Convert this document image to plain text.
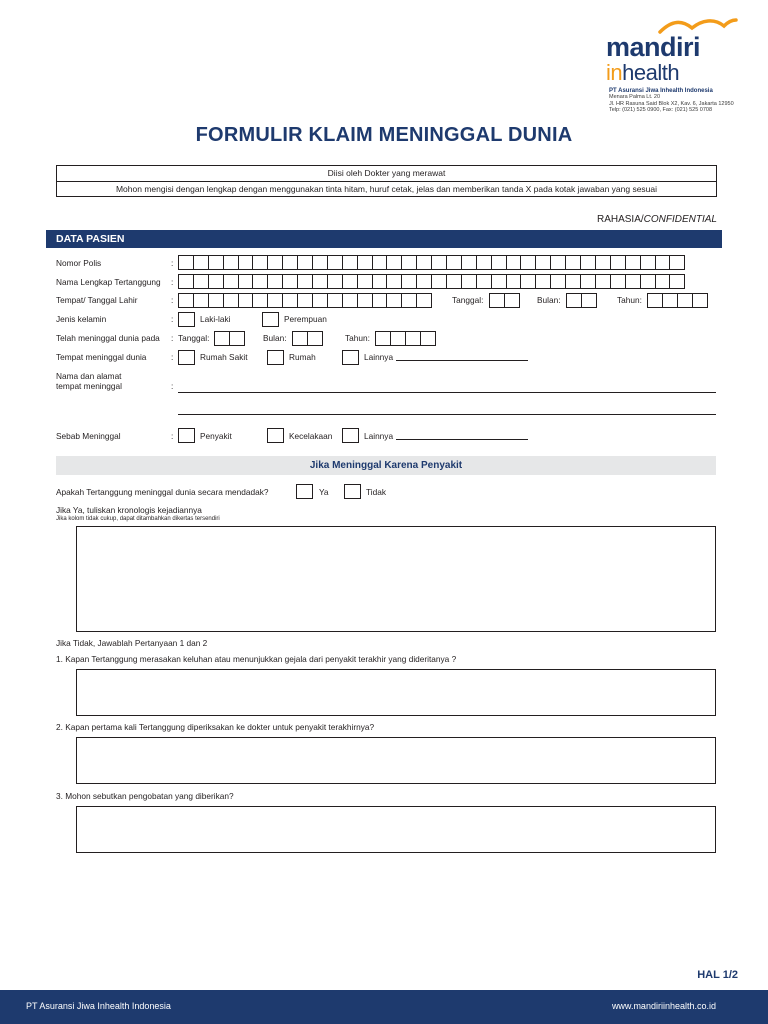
mandiri
inhealth
PT Asuransi Jiwa Inhealth Indonesia
Menara Palma Lt. 20
Jl. HR Rasuna Said Blok X2, Kav. 6, Jakarta 12950
Telp: (021) 525 0900, Fax: (021) 525 0708
FORMULIR KLAIM MENINGGAL DUNIA
Diisi oleh Dokter yang merawat
Mohon mengisi dengan lengkap dengan menggunakan tinta hitam, huruf cetak, jelas dan memberikan tanda X pada kotak jawaban yang sesuai
RAHASIA/CONFIDENTIAL
DATA PASIEN
Nomor Polis	:
Nama Lengkap Tertanggung :
Tempat/ Tanggal Lahir	:	Tanggal:	Bulan:	Tahun:
Jenis kelamin	:	Laki-laki	Perempuan
Telah meninggal dunia pada : Tanggal:	Bulan:	Tahun:
Tempat meninggal dunia	:	Rumah Sakit	Rumah	Lainnya
Nama dan alamat
tempat meninggal	:
Sebab Meninggal	:	Penyakit	Kecelakaan	Lainnya
Jika Meninggal Karena Penyakit
Apakah Tertanggung meninggal dunia secara mendadak?	Ya	Tidak
Jika Ya, tuliskan kronologis kejadiannya
Jika kolom tidak cukup, dapat ditambahkan dikertas tersendiri
Jika Tidak, Jawablah Pertanyaan 1 dan 2
1. Kapan Tertanggung merasakan keluhan atau menunjukkan gejala dari penyakit terakhir yang dideritanya ?
2. Kapan pertama kali Tertanggung diperiksakan ke dokter untuk penyakit terakhirnya?
3. Mohon sebutkan pengobatan yang diberikan?
HAL 1/2
PT Asuransi Jiwa Inhealth Indonesia	www.mandiriinhealth.co.id
